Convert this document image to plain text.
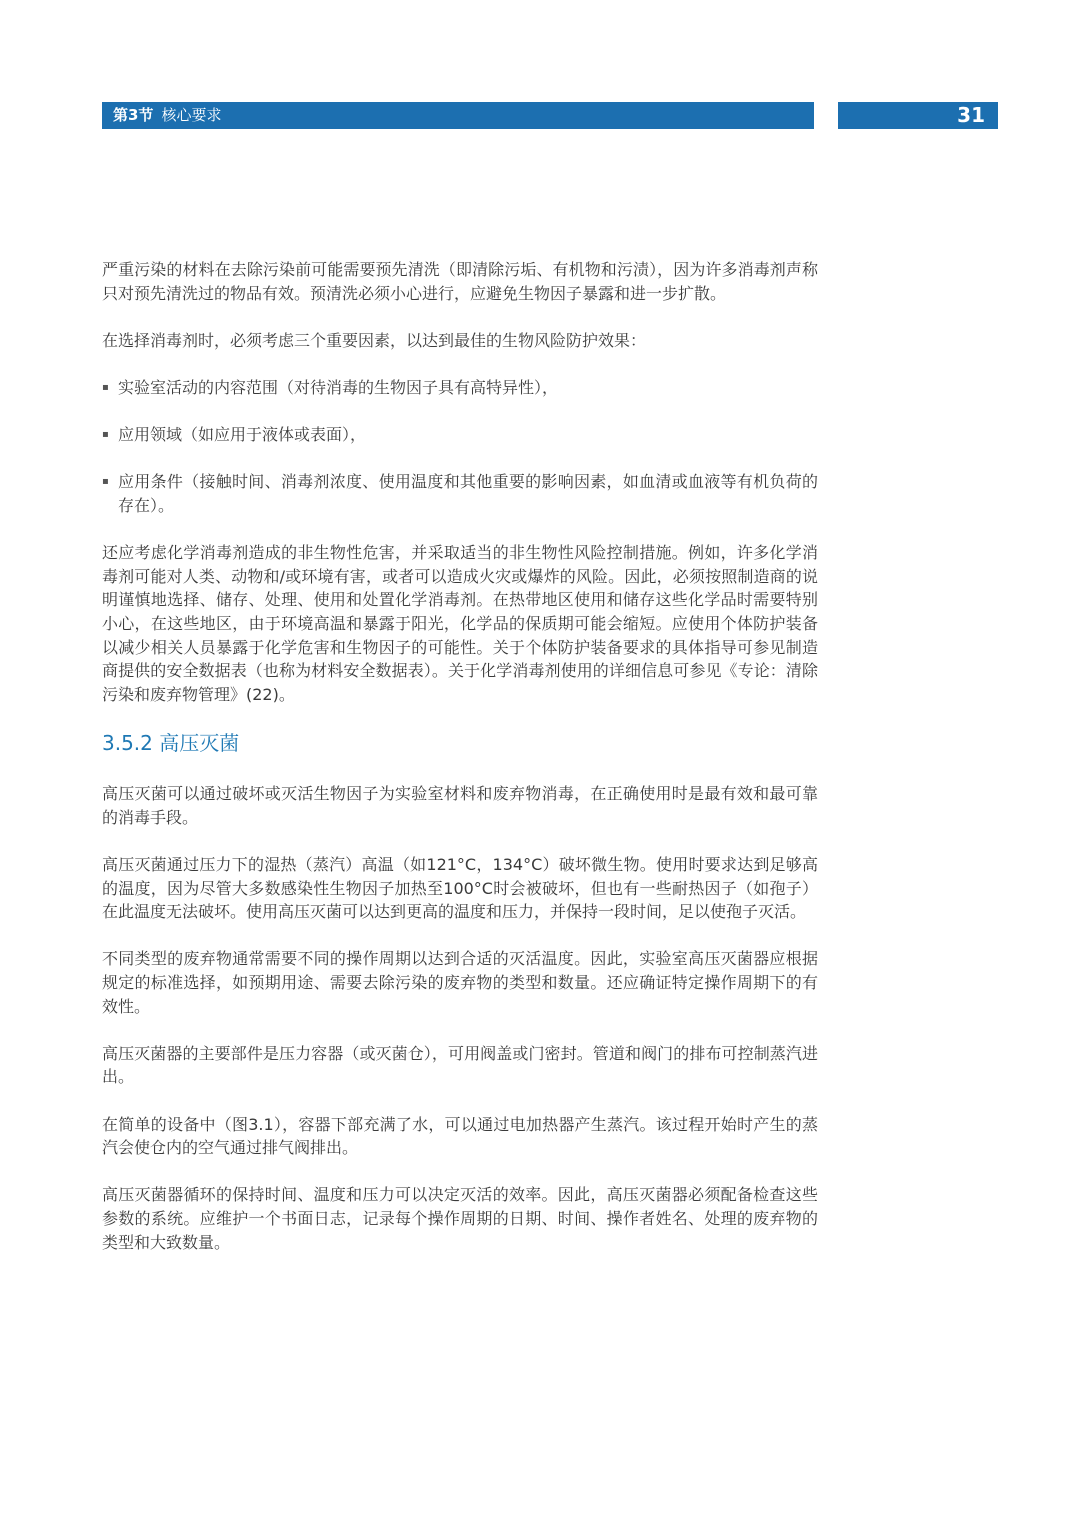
第3节 核心要求	31

严重污染的材料在去除污染前可能需要预先清洗（即清除污垢、有机物和污渍），因为许多消毒剂声称只对预先清洗过的物品有效。预清洗必须小心进行，应避免生物因子暴露和进一步扩散。

在选择消毒剂时，必须考虑三个重要因素，以达到最佳的生物风险防护效果：

▪ 实验室活动的内容范围（对待消毒的生物因子具有高特异性），
▪ 应用领域（如应用于液体或表面），
▪ 应用条件（接触时间、消毒剂浓度、使用温度和其他重要的影响因素，如血清或血液等有机负荷的存在）。

还应考虑化学消毒剂造成的非生物性危害，并采取适当的非生物性风险控制措施。例如，许多化学消毒剂可能对人类、动物和/或环境有害，或者可以造成火灾或爆炸的风险。因此，必须按照制造商的说明谨慎地选择、储存、处理、使用和处置化学消毒剂。在热带地区使用和储存这些化学品时需要特别小心，在这些地区，由于环境高温和暴露于阳光，化学品的保质期可能会缩短。应使用个体防护装备以减少相关人员暴露于化学危害和生物因子的可能性。关于个体防护装备要求的具体指导可参见制造商提供的安全数据表（也称为材料安全数据表）。关于化学消毒剂使用的详细信息可参见《专论：清除污染和废弃物管理》(22)。

3.5.2 高压灭菌

高压灭菌可以通过破坏或灭活生物因子为实验室材料和废弃物消毒，在正确使用时是最有效和最可靠的消毒手段。

高压灭菌通过压力下的湿热（蒸汽）高温（如121°C，134°C）破坏微生物。使用时要求达到足够高的温度，因为尽管大多数感染性生物因子加热至100°C时会被破坏，但也有一些耐热因子（如孢子）在此温度无法破坏。使用高压灭菌可以达到更高的温度和压力，并保持一段时间，足以使孢子灭活。

不同类型的废弃物通常需要不同的操作周期以达到合适的灭活温度。因此，实验室高压灭菌器应根据规定的标准选择，如预期用途、需要去除污染的废弃物的类型和数量。还应确证特定操作周期下的有效性。

高压灭菌器的主要部件是压力容器（或灭菌仓），可用阀盖或门密封。管道和阀门的排布可控制蒸汽进出。

在简单的设备中（图3.1），容器下部充满了水，可以通过电加热器产生蒸汽。该过程开始时产生的蒸汽会使仓内的空气通过排气阀排出。

高压灭菌器循环的保持时间、温度和压力可以决定灭活的效率。因此，高压灭菌器必须配备检查这些参数的系统。应维护一个书面日志，记录每个操作周期的日期、时间、操作者姓名、处理的废弃物的类型和大致数量。
